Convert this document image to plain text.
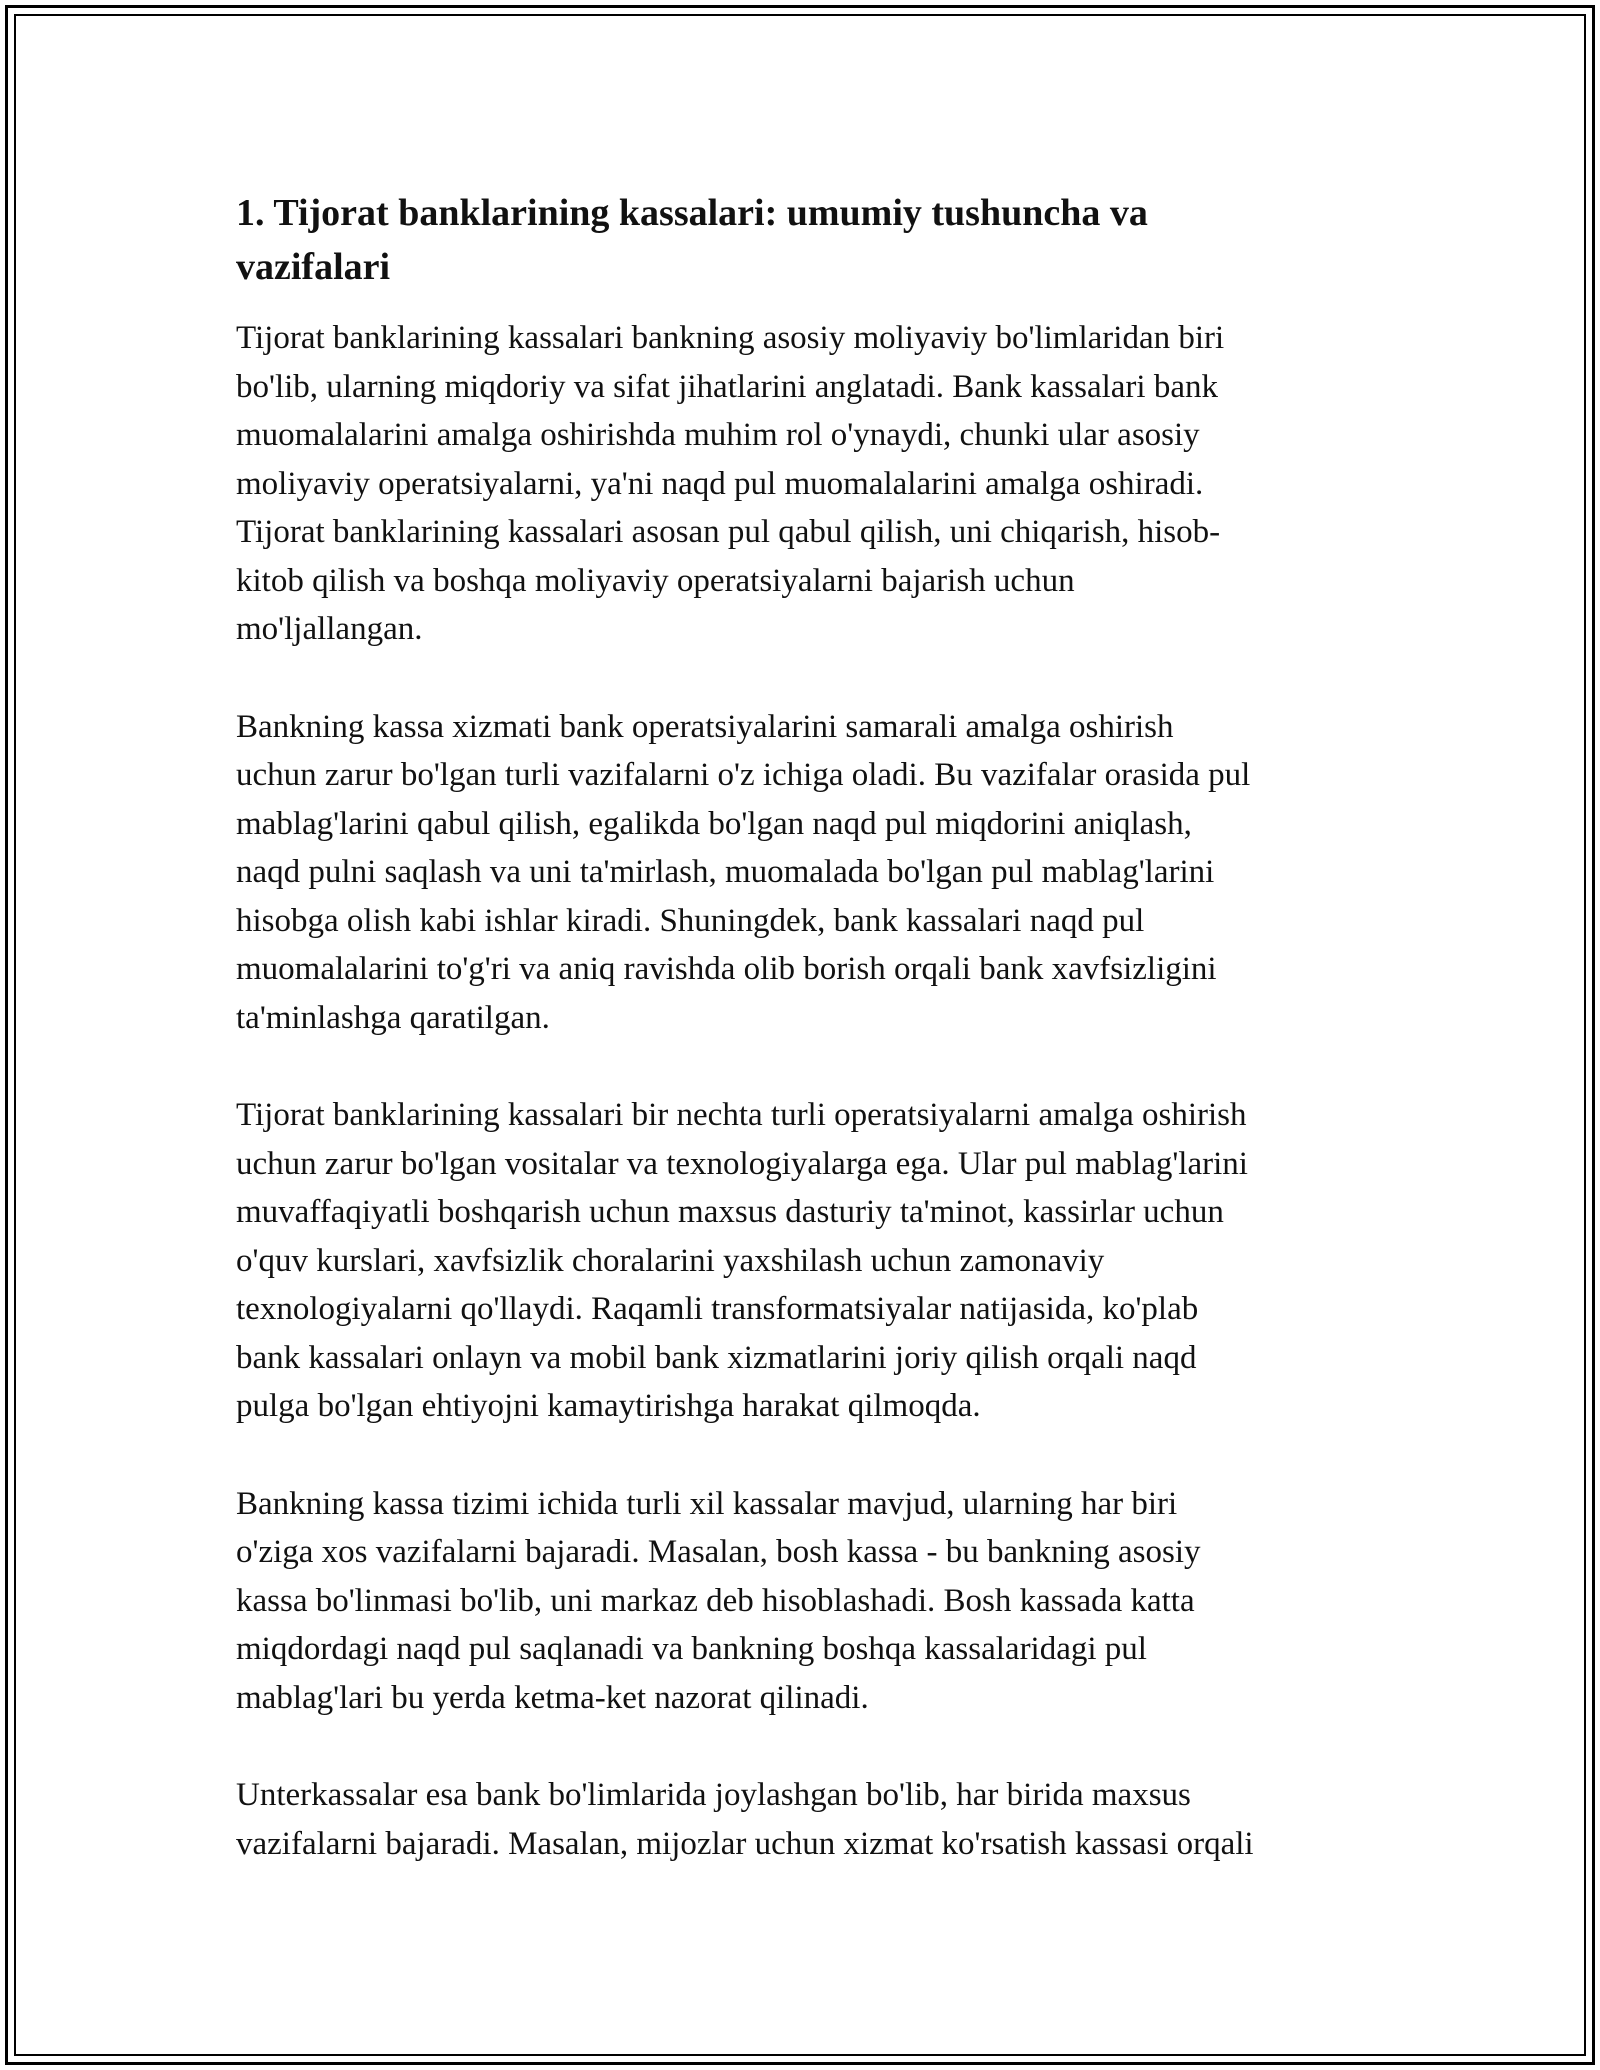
1. Tijorat banklarining kassalari: umumiy tushuncha va
vazifalari

Tijorat banklarining kassalari bankning asosiy moliyaviy bo'limlaridan biri
bo'lib, ularning miqdoriy va sifat jihatlarini anglatadi. Bank kassalari bank
muomalalarini amalga oshirishda muhim rol o'ynaydi, chunki ular asosiy
moliyaviy operatsiyalarni, ya'ni naqd pul muomalalarini amalga oshiradi.
Tijorat banklarining kassalari asosan pul qabul qilish, uni chiqarish, hisob-
kitob qilish va boshqa moliyaviy operatsiyalarni bajarish uchun
mo'ljallangan.

Bankning kassa xizmati bank operatsiyalarini samarali amalga oshirish
uchun zarur bo'lgan turli vazifalarni o'z ichiga oladi. Bu vazifalar orasida pul
mablag'larini qabul qilish, egalikda bo'lgan naqd pul miqdorini aniqlash,
naqd pulni saqlash va uni ta'mirlash, muomalada bo'lgan pul mablag'larini
hisobga olish kabi ishlar kiradi. Shuningdek, bank kassalari naqd pul
muomalalarini to'g'ri va aniq ravishda olib borish orqali bank xavfsizligini
ta'minlashga qaratilgan.

Tijorat banklarining kassalari bir nechta turli operatsiyalarni amalga oshirish
uchun zarur bo'lgan vositalar va texnologiyalarga ega. Ular pul mablag'larini
muvaffaqiyatli boshqarish uchun maxsus dasturiy ta'minot, kassirlar uchun
o'quv kurslari, xavfsizlik choralarini yaxshilash uchun zamonaviy
texnologiyalarni qo'llaydi. Raqamli transformatsiyalar natijasida, ko'plab
bank kassalari onlayn va mobil bank xizmatlarini joriy qilish orqali naqd
pulga bo'lgan ehtiyojni kamaytirishga harakat qilmoqda.

Bankning kassa tizimi ichida turli xil kassalar mavjud, ularning har biri
o'ziga xos vazifalarni bajaradi. Masalan, bosh kassa - bu bankning asosiy
kassa bo'linmasi bo'lib, uni markaz deb hisoblashadi. Bosh kassada katta
miqdordagi naqd pul saqlanadi va bankning boshqa kassalaridagi pul
mablag'lari bu yerda ketma-ket nazorat qilinadi.

Unterkassalar esa bank bo'limlarida joylashgan bo'lib, har birida maxsus
vazifalarni bajaradi. Masalan, mijozlar uchun xizmat ko'rsatish kassasi orqali
